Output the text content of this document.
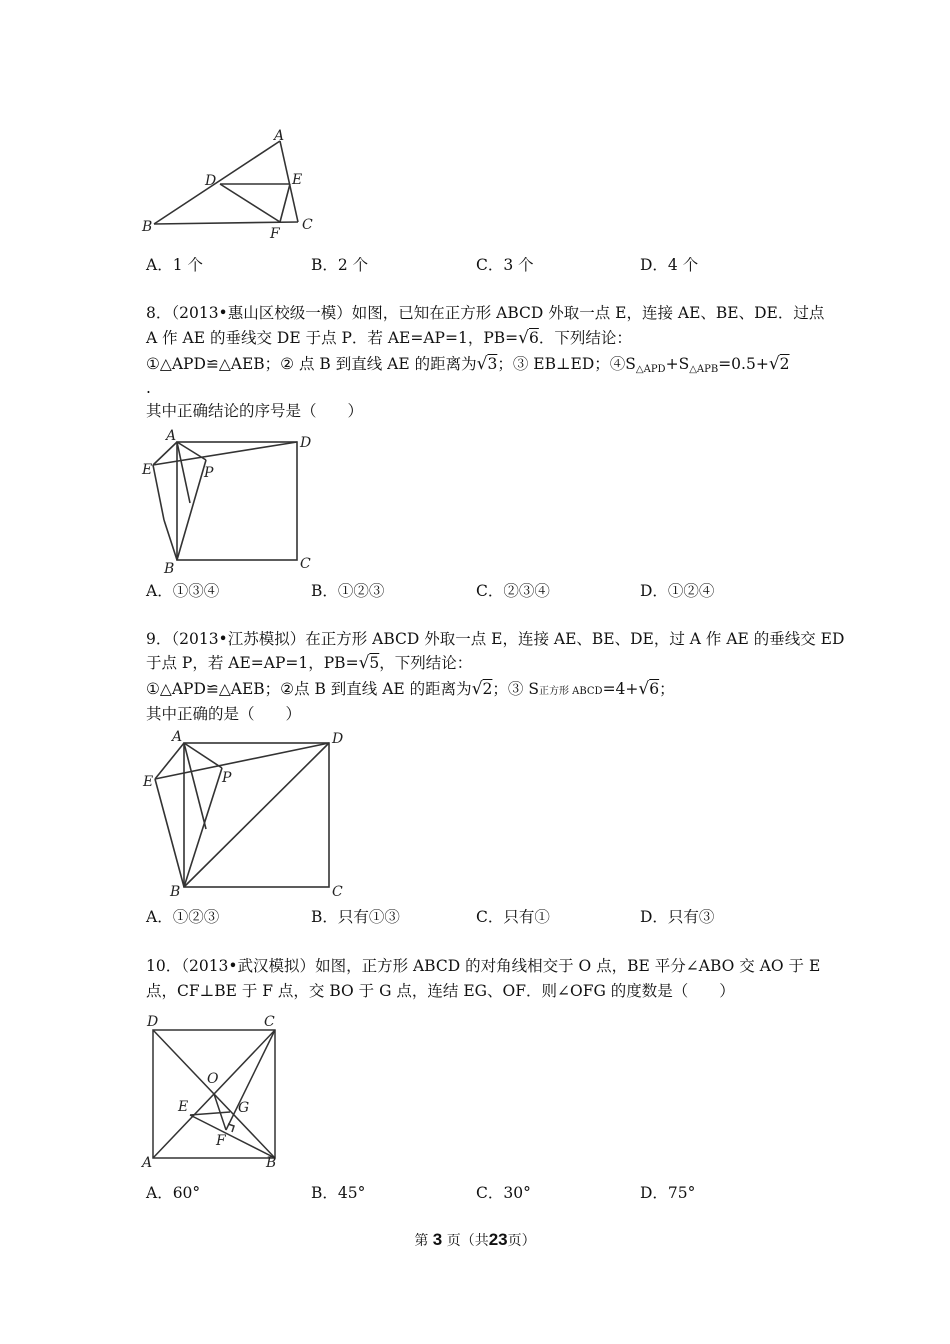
A
B	C
D	E
F
A．1 个	B．2 个	C．3 个	D．4 个
8．（2013•惠山区校级一模）如图，已知在正方形 ABCD 外取一点 E，连接 AE、BE、DE．过点
A 作 AE 的垂线交 DE 于点 P．若 AE=AP=1，PB=√6．下列结论：
①△APD≌△AEB；② 点 B 到直线 AE 的距离为√3；③ EB⊥ED；$④S_{\triangle APD}+S_{\triangle APB}=0.5+√2$
.
其中正确结论的序号是（　　）
A
B	C
D
E	P
A．①③④	B．①②③	C．②③④	D．①②④
9．（2013•江苏模拟）在正方形 ABCD 外取一点 E，连接 AE、BE、DE，过 A 作 AE 的垂线交 ED
于点 P，若 AE=AP=1，PB=√5，下列结论：
①△APD≌△AEB；②点 B 到直线 AE 的距离为√2；③ S正方形 ABCD=4+√6；
其中正确的是（　　）
A
B	C
D
E	P
A．①②③	B．只有①③	C．只有①	D．只有③
10．（2013•武汉模拟）如图，正方形 ABCD 的对角线相交于 O 点，BE 平分∠ABO 交 AO 于 E
点，CF⊥BE 于 F 点，交 BO 于 G 点，连结 EG、OF．则∠OFG 的度数是（　　）
D	C
A	B
O
E	G
F
A．60°	B．45°	C．30°	D．75°
第 3 页（共23页）
